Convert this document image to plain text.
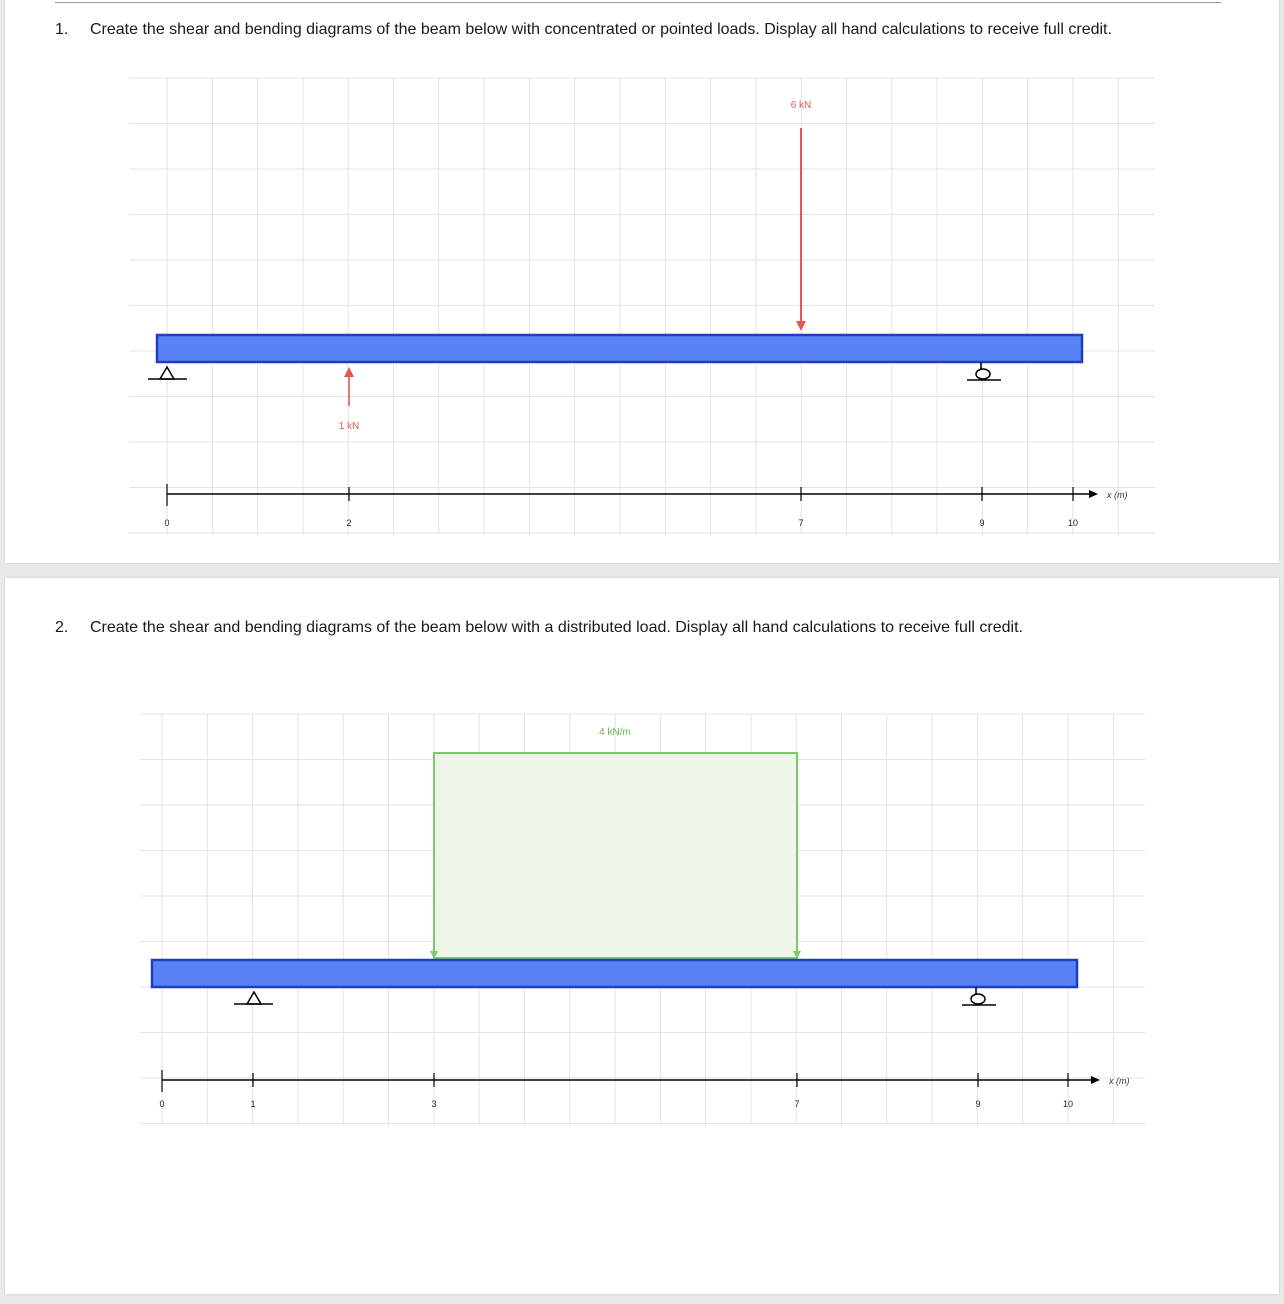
1. Create the shear and bending diagrams of the beam below with concentrated or pointed loads. Display all hand calculations to receive full credit.
6 kN
1 kN
x (m)
0	2	7	9	10
2. Create the shear and bending diagrams of the beam below with a distributed load. Display all hand calculations to receive full credit.
4 kN/m
x (m)
0	1	3	7	9	10
